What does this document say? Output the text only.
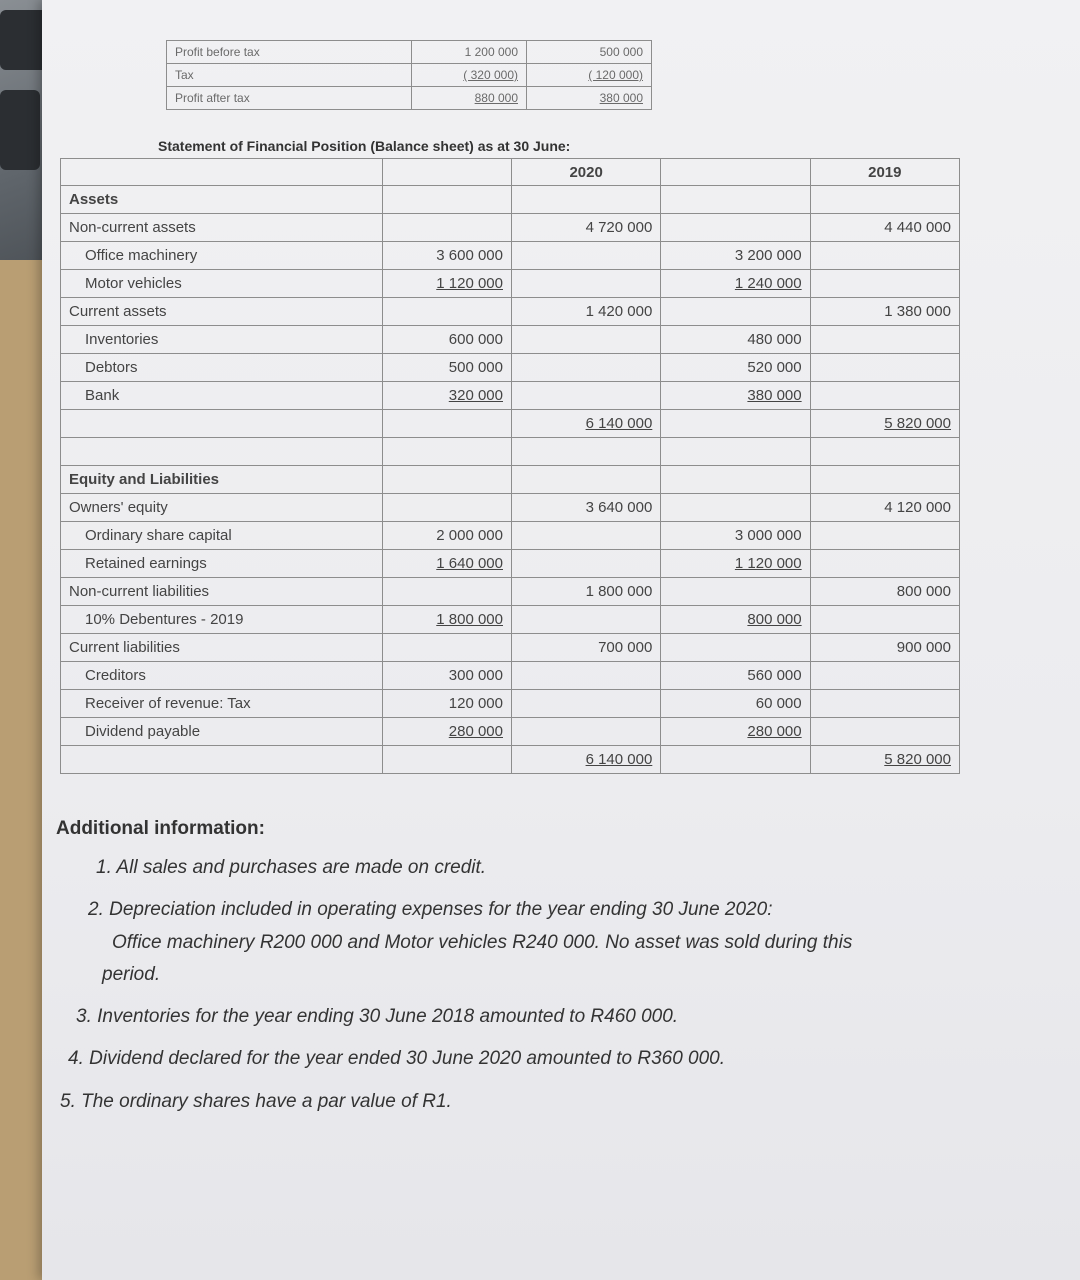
Profit before tax	1 200 000	500 000
Tax	( 320 000)	( 120 000)
Profit after tax	880 000	380 000
Statement of Financial Position (Balance sheet) as at 30 June:
		2020		2019
Assets				
Non-current assets		4 720 000		4 440 000
Office machinery	3 600 000		3 200 000	
Motor vehicles	1 120 000		1 240 000	
Current assets		1 420 000		1 380 000
Inventories	600 000		480 000	
Debtors	500 000		520 000	
Bank	320 000		380 000	
		6 140 000		5 820 000

Equity and Liabilities				
Owners' equity		3 640 000		4 120 000
Ordinary share capital	2 000 000		3 000 000	
Retained earnings	1 640 000		1 120 000	
Non-current liabilities		1 800 000		800 000
10% Debentures - 2019	1 800 000		800 000	
Current liabilities		700 000		900 000
Creditors	300 000		560 000	
Receiver of revenue: Tax	120 000		60 000	
Dividend payable	280 000		280 000	
		6 140 000		5 820 000
Additional information:

1. All sales and purchases are made on credit.

2. Depreciation included in operating expenses for the year ending 30 June 2020:

Office machinery R200 000 and Motor vehicles R240 000. No asset was sold during this

period.

3. Inventories for the year ending 30 June 2018 amounted to R460 000.

4. Dividend declared for the year ended 30 June 2020 amounted to R360 000.

5. The ordinary shares have a par value of R1.
